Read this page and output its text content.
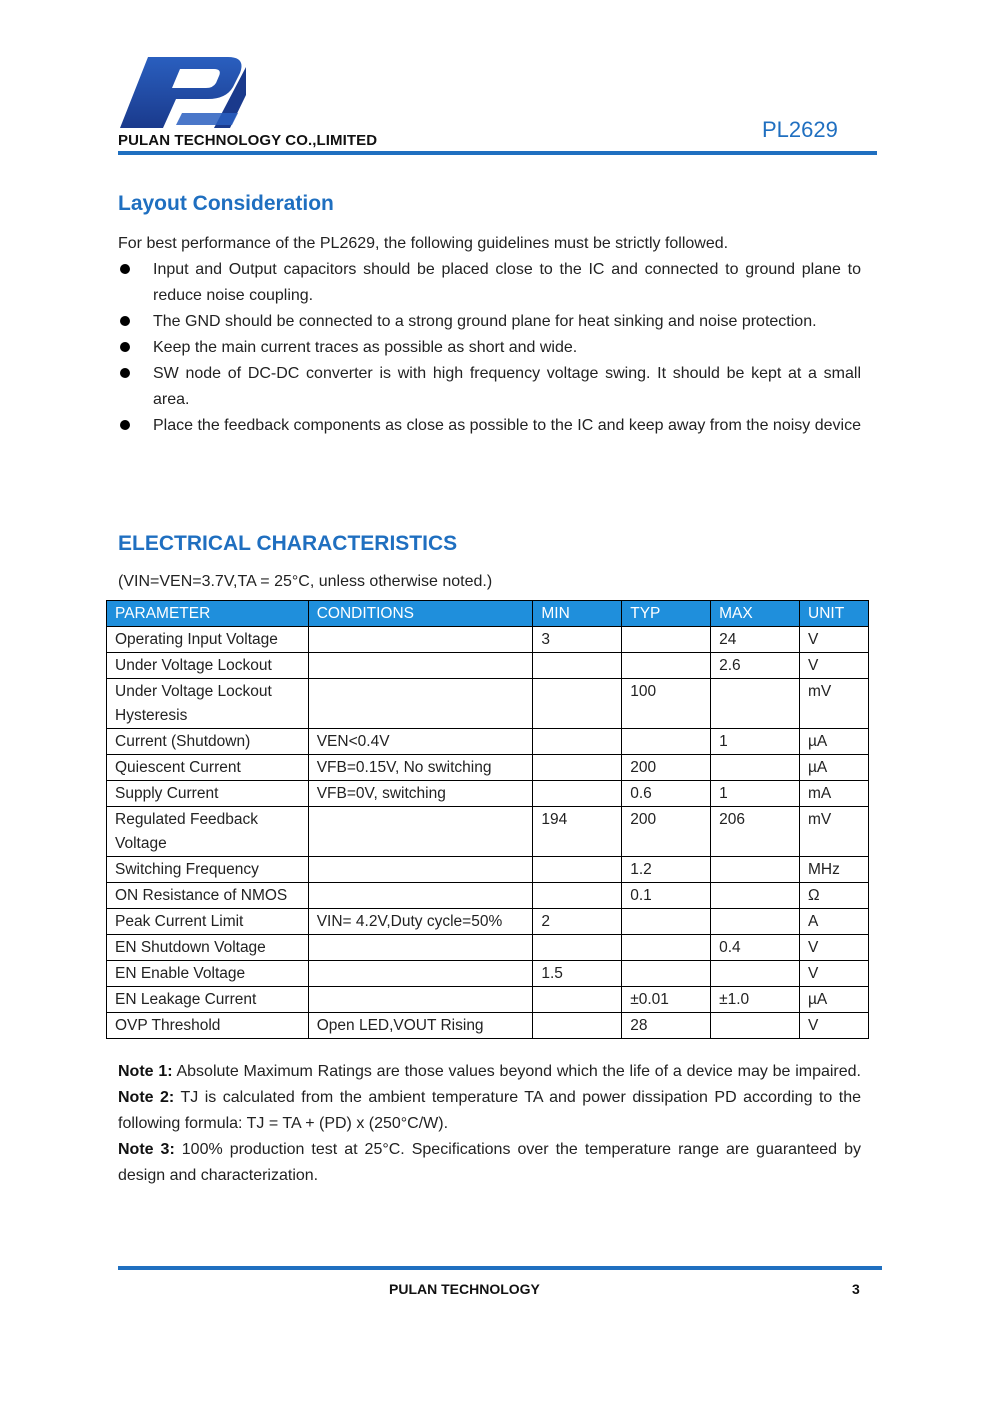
PULAN TECHNOLOGY CO.,LIMITED	PL2629
Layout Consideration
For best performance of the PL2629, the following guidelines must be strictly followed.
Input and Output capacitors should be placed close to the IC and connected to ground plane to reduce noise coupling.
The GND should be connected to a strong ground plane for heat sinking and noise protection.
Keep the main current traces as possible as short and wide.
SW node of DC-DC converter is with high frequency voltage swing. It should be kept at a small area.
Place the feedback components as close as possible to the IC and keep away from the noisy device
ELECTRICAL CHARACTERISTICS
(VIN=VEN=3.7V,TA = 25°C, unless otherwise noted.)
PARAMETER	CONDITIONS	MIN	TYP	MAX	UNIT
Operating Input Voltage		3		24	V
Under Voltage Lockout				2.6	V
Under Voltage Lockout Hysteresis			100		mV
Current (Shutdown)	VEN<0.4V			1	µA
Quiescent Current	VFB=0.15V, No switching		200		µA
Supply Current	VFB=0V, switching		0.6	1	mA
Regulated Feedback Voltage		194	200	206	mV
Switching Frequency			1.2		MHz
ON Resistance of NMOS			0.1		Ω
Peak Current Limit	VIN= 4.2V,Duty cycle=50%	2			A
EN Shutdown Voltage				0.4	V
EN Enable Voltage		1.5			V
EN Leakage Current			±0.01	±1.0	µA
OVP Threshold	Open LED,VOUT Rising		28		V
Note 1: Absolute Maximum Ratings are those values beyond which the life of a device may be impaired. Note 2: TJ is calculated from the ambient temperature TA and power dissipation PD according to the following formula: TJ = TA + (PD) x (250°C/W).
Note 3: 100% production test at 25°C. Specifications over the temperature range are guaranteed by design and characterization.
PULAN TECHNOLOGY	3
